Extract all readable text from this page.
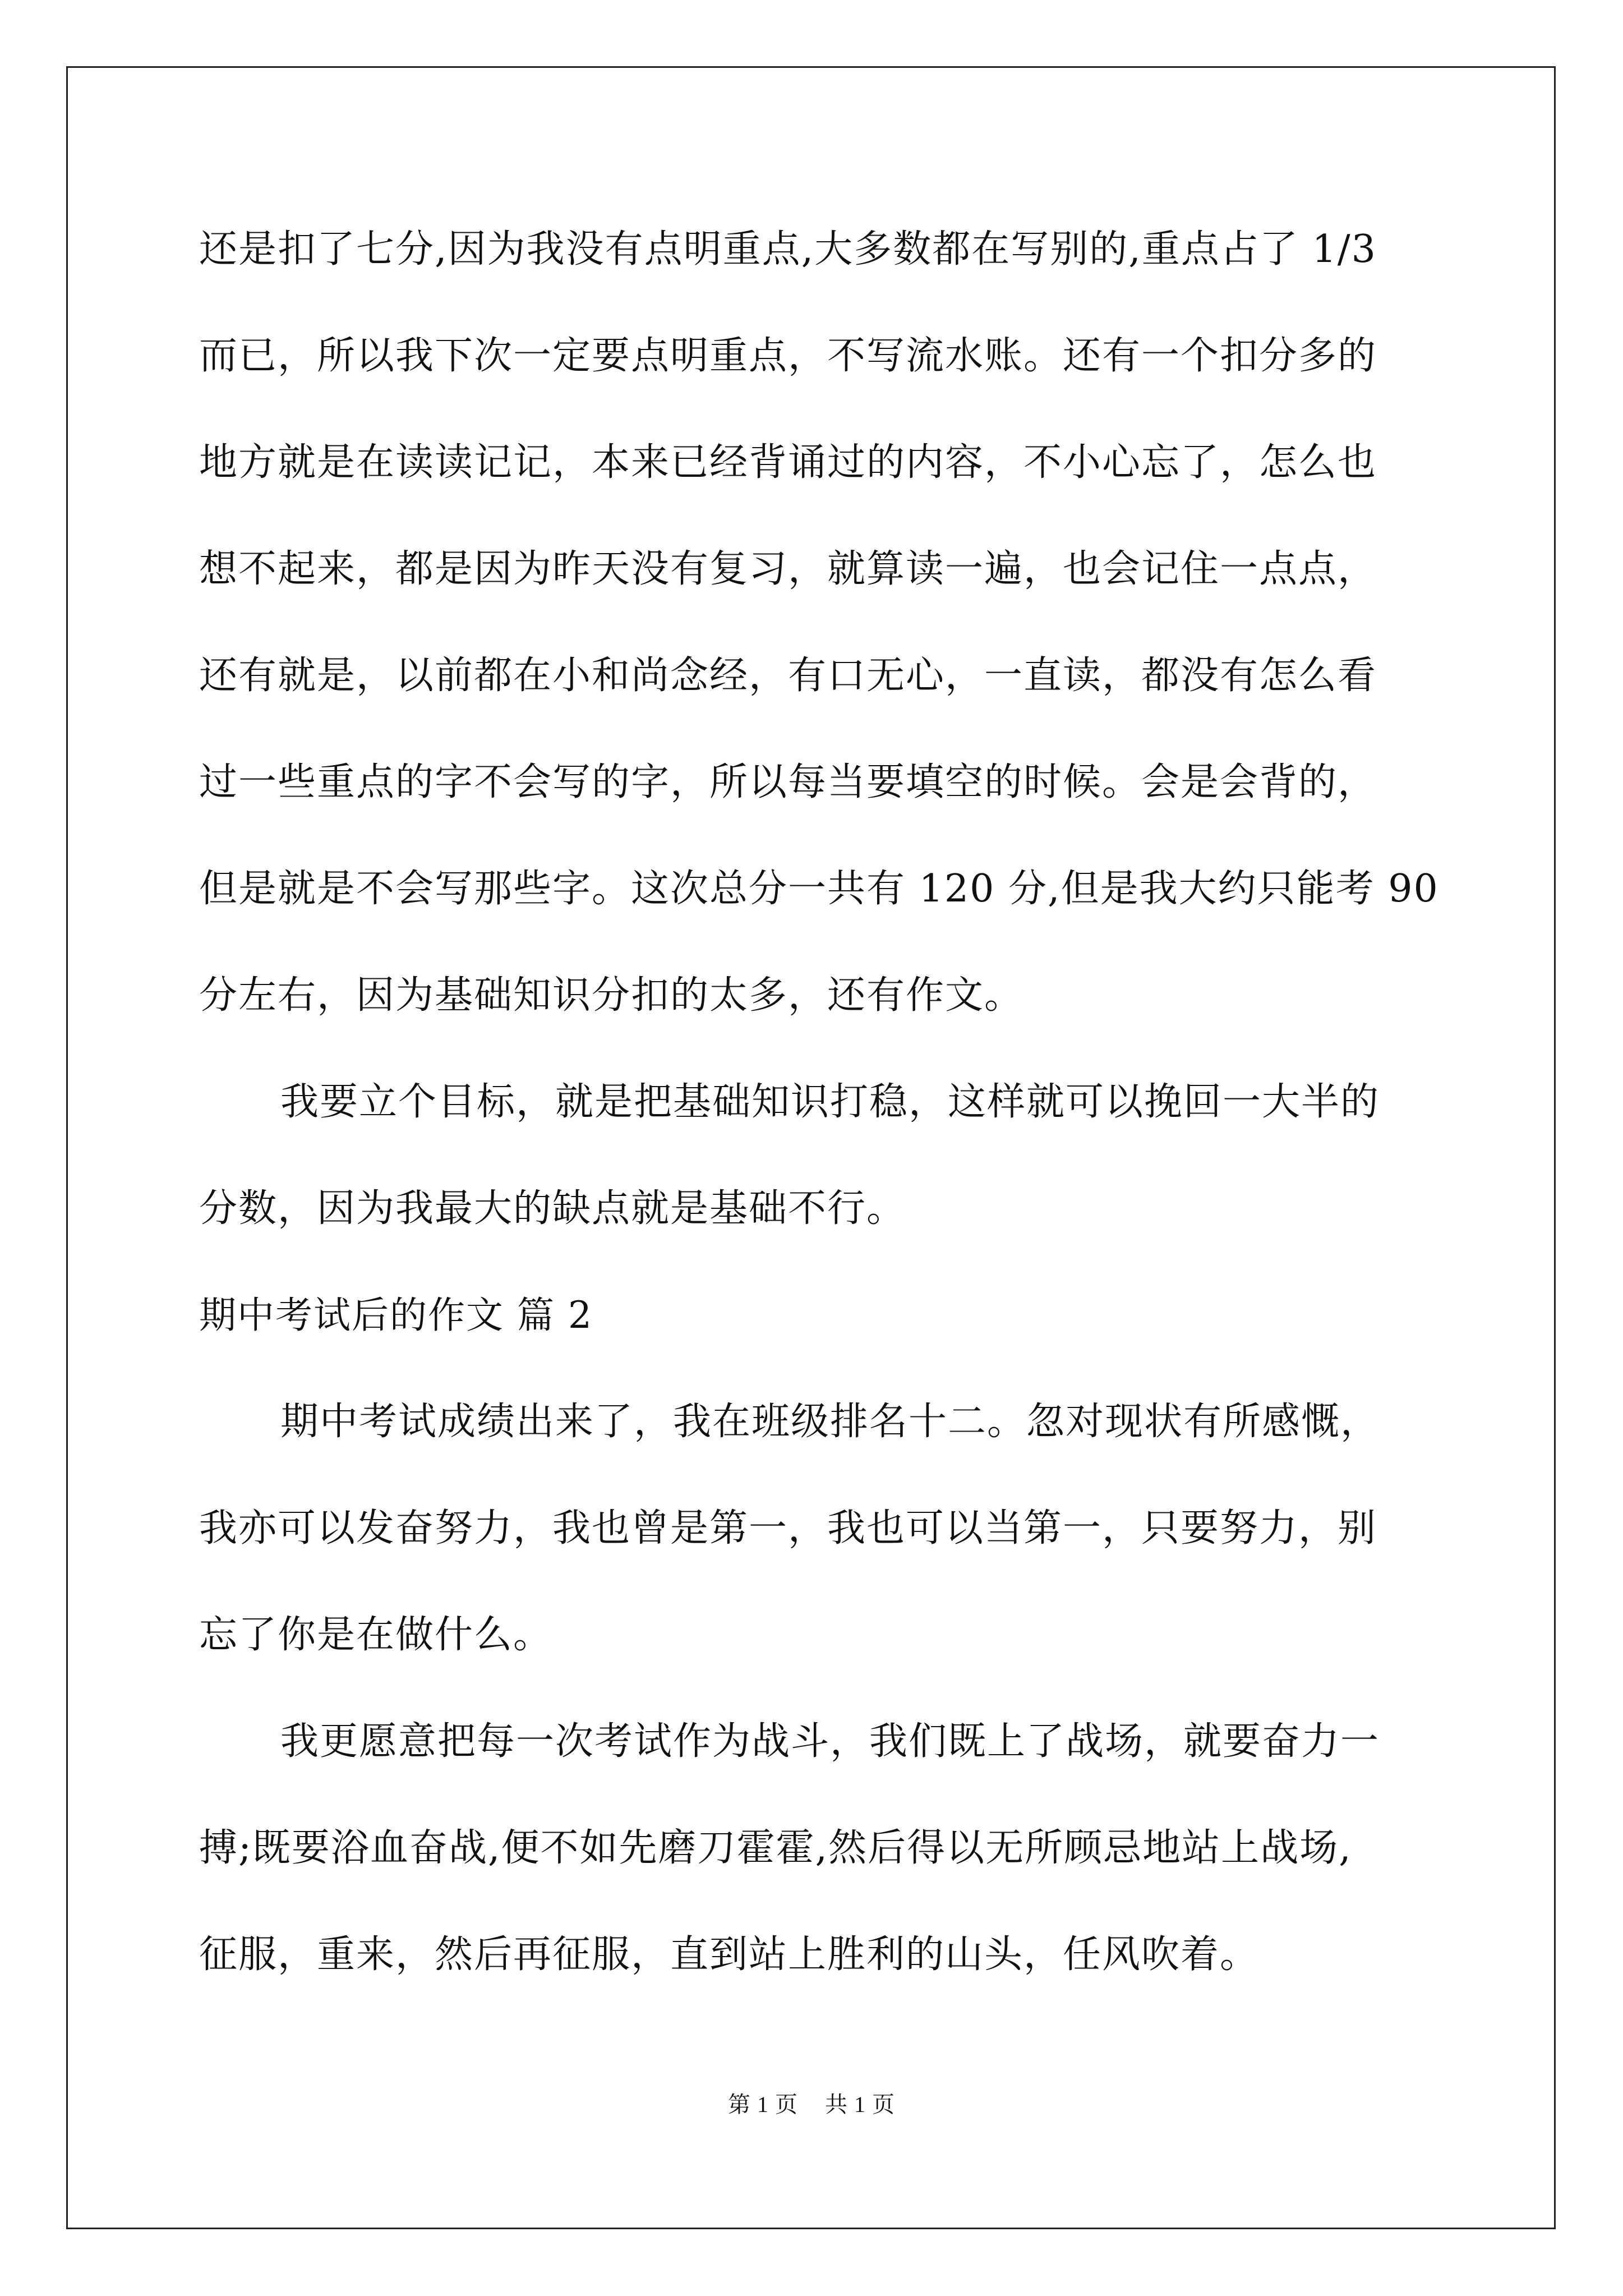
还是扣了七分,因为我没有点明重点,大多数都在写别的,重点占了 1/3
而已，所以我下次一定要点明重点，不写流水账。还有一个扣分多的
地方就是在读读记记，本来已经背诵过的内容，不小心忘了，怎么也
想不起来，都是因为昨天没有复习，就算读一遍，也会记住一点点，
还有就是，以前都在小和尚念经，有口无心，一直读，都没有怎么看
过一些重点的字不会写的字，所以每当要填空的时候。会是会背的，
但是就是不会写那些字。这次总分一共有 120 分,但是我大约只能考 90
分左右，因为基础知识分扣的太多，还有作文。
我要立个目标，就是把基础知识打稳，这样就可以挽回一大半的
分数，因为我最大的缺点就是基础不行。
期中考试后的作文 篇 2
期中考试成绩出来了，我在班级排名十二。忽对现状有所感慨，
我亦可以发奋努力，我也曾是第一，我也可以当第一，只要努力，别
忘了你是在做什么。
我更愿意把每一次考试作为战斗，我们既上了战场，就要奋力一
搏;既要浴血奋战,便不如先磨刀霍霍,然后得以无所顾忌地站上战场,
征服，重来，然后再征服，直到站上胜利的山头，任风吹着。
第 1 页 共 1 页
